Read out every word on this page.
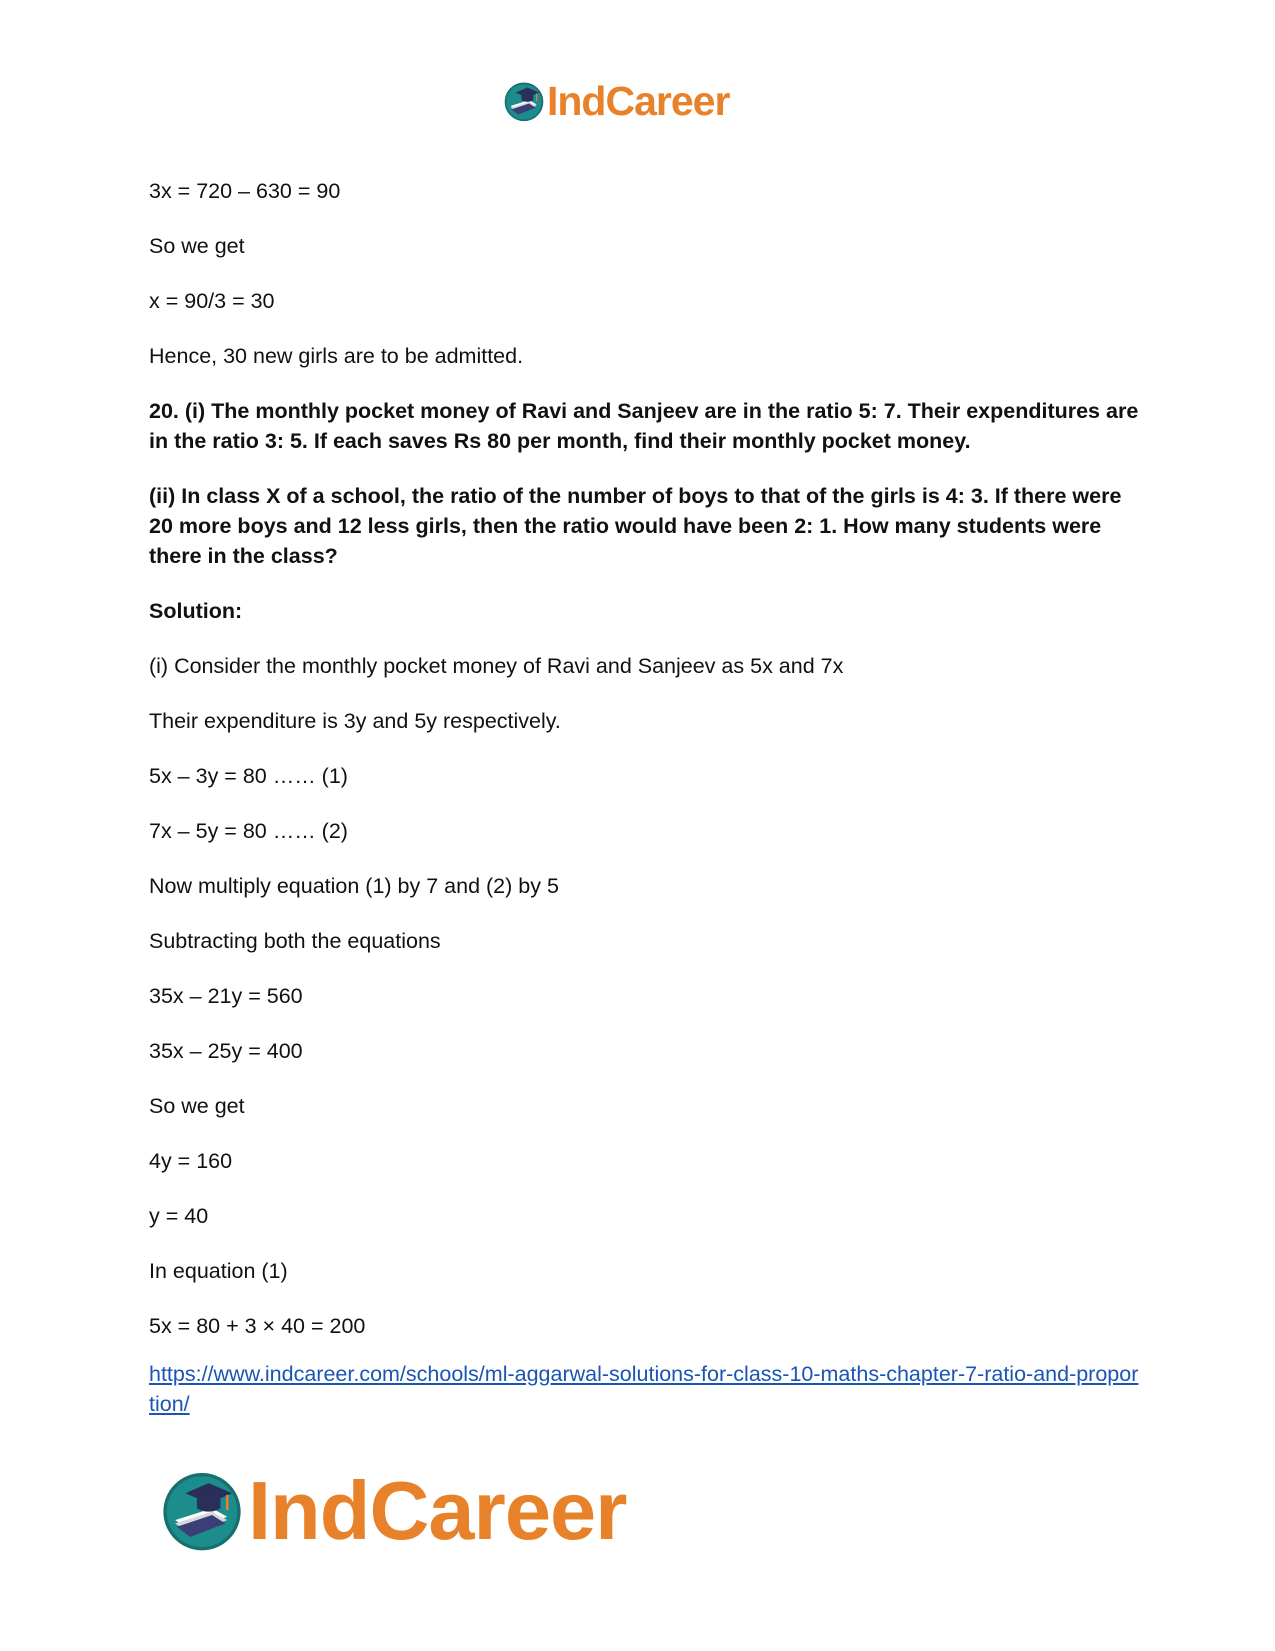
IndCareer

3x = 720 – 630 = 90

So we get

x = 90/3 = 30

Hence, 30 new girls are to be admitted.

20. (i) The monthly pocket money of Ravi and Sanjeev are in the ratio 5: 7. Their expenditures are in the ratio 3: 5. If each saves Rs 80 per month, find their monthly pocket money.

(ii) In class X of a school, the ratio of the number of boys to that of the girls is 4: 3. If there were 20 more boys and 12 less girls, then the ratio would have been 2: 1. How many students were there in the class?

Solution:

(i) Consider the monthly pocket money of Ravi and Sanjeev as 5x and 7x

Their expenditure is 3y and 5y respectively.

5x – 3y = 80 …… (1)

7x – 5y = 80 …… (2)

Now multiply equation (1) by 7 and (2) by 5

Subtracting both the equations

35x – 21y = 560

35x – 25y = 400

So we get

4y = 160

y = 40

In equation (1)

5x = 80 + 3 × 40 = 200

https://www.indcareer.com/schools/ml-aggarwal-solutions-for-class-10-maths-chapter-7-ratio-and-proportion/
IndCareer
